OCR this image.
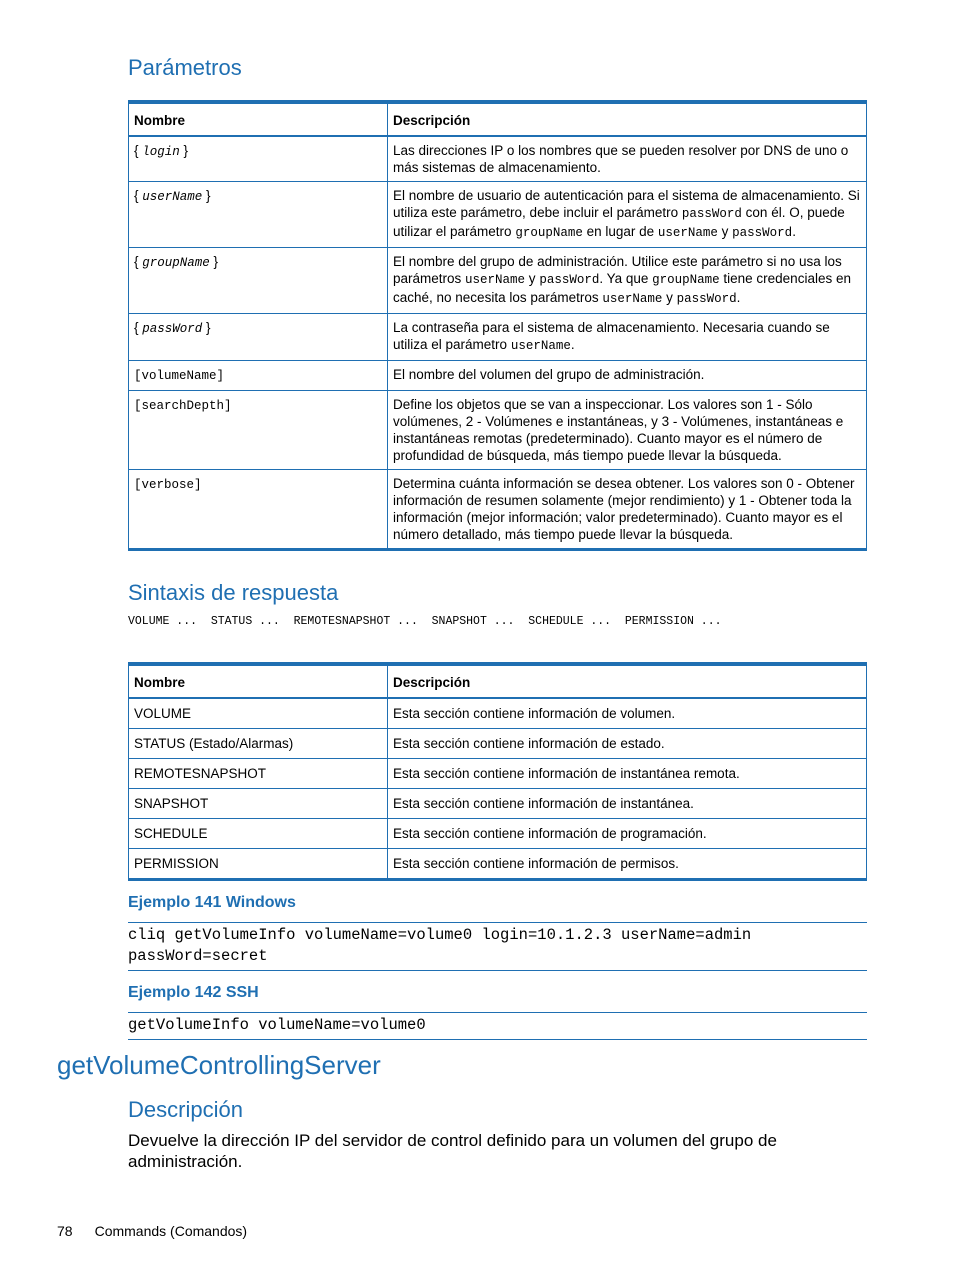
Parámetros
Nombre	Descripción
{ login }	Las direcciones IP o los nombres que se pueden resolver por DNS de uno o más sistemas de almacenamiento.
{ userName }	El nombre de usuario de autenticación para el sistema de almacenamiento. Si utiliza este parámetro, debe incluir el parámetro passWord con él. O, puede utilizar el parámetro groupName en lugar de userName y passWord.
{ groupName }	El nombre del grupo de administración. Utilice este parámetro si no usa los parámetros userName y passWord. Ya que groupName tiene credenciales en caché, no necesita los parámetros userName y passWord.
{ passWord }	La contraseña para el sistema de almacenamiento. Necesaria cuando se utiliza el parámetro userName.
[volumeName]	El nombre del volumen del grupo de administración.
[searchDepth]	Define los objetos que se van a inspeccionar. Los valores son 1 - Sólo volúmenes, 2 - Volúmenes e instantáneas, y 3 - Volúmenes, instantáneas e instantáneas remotas (predeterminado). Cuanto mayor es el número de profundidad de búsqueda, más tiempo puede llevar la búsqueda.
[verbose]	Determina cuánta información se desea obtener. Los valores son 0 - Obtener información de resumen solamente (mejor rendimiento) y 1 - Obtener toda la información (mejor información; valor predeterminado). Cuanto mayor es el número detallado, más tiempo puede llevar la búsqueda.
Sintaxis de respuesta
VOLUME ...  STATUS ...  REMOTESNAPSHOT ...  SNAPSHOT ...  SCHEDULE ...  PERMISSION ...
Nombre	Descripción
VOLUME	Esta sección contiene información de volumen.
STATUS (Estado/Alarmas)	Esta sección contiene información de estado.
REMOTESNAPSHOT	Esta sección contiene información de instantánea remota.
SNAPSHOT	Esta sección contiene información de instantánea.
SCHEDULE	Esta sección contiene información de programación.
PERMISSION	Esta sección contiene información de permisos.
Ejemplo 141 Windows
cliq getVolumeInfo volumeName=volume0 login=10.1.2.3 userName=admin
passWord=secret
Ejemplo 142 SSH
getVolumeInfo volumeName=volume0
getVolumeControllingServer
Descripción

Devuelve la dirección IP del servidor de control definido para un volumen del grupo de administración.

78 Commands (Comandos)
